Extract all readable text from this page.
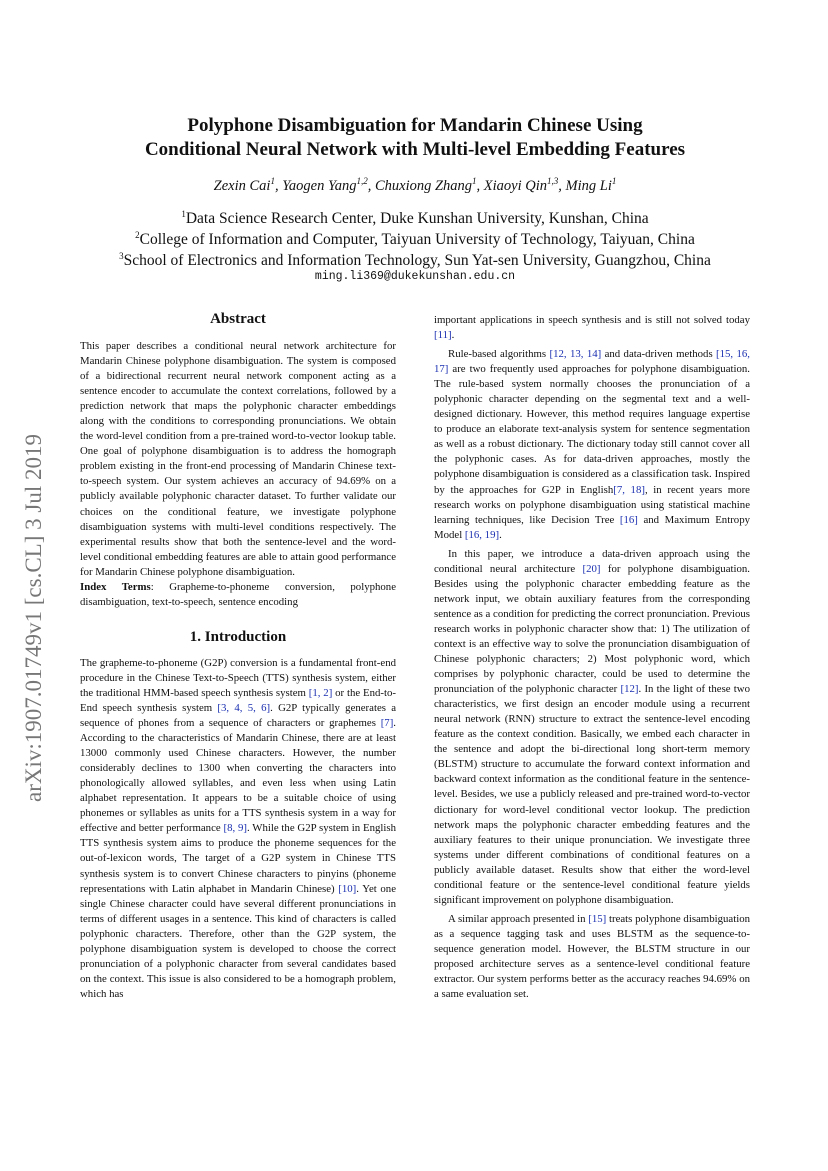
Polyphone Disambiguation for Mandarin Chinese Using
Conditional Neural Network with Multi-level Embedding Features
Zexin Cai$^1$, Yaogen Yang$^{1,2}$, Chuxiong Zhang$^1$, Xiaoyi Qin$^{1,3}$, Ming Li$^1$
$^1$Data Science Research Center, Duke Kunshan University, Kunshan, China
$^2$College of Information and Computer, Taiyuan University of Technology, Taiyuan, China
$^3$School of Electronics and Information Technology, Sun Yat-sen University, Guangzhou, China
ming.li369@dukekunshan.edu.cn
arXiv:1907.01749v1 [cs.CL] 3 Jul 2019
Abstract

This paper describes a conditional neural network architecture for Mandarin Chinese polyphone disambiguation. The system is composed of a bidirectional recurrent neural network component acting as a sentence encoder to accumulate the context correlations, followed by a prediction network that maps the polyphonic character embeddings along with the conditions to corresponding pronunciations. We obtain the word-level condition from a pre-trained word-to-vector lookup table. One goal of polyphone disambiguation is to address the homograph problem existing in the front-end processing of Mandarin Chinese text-to-speech system. Our system achieves an accuracy of 94.69% on a publicly available polyphonic character dataset. To further validate our choices on the conditional feature, we investigate polyphone disambiguation systems with multi-level conditions respectively. The experimental results show that both the sentence-level and the word-level conditional embedding features are able to attain good performance for Mandarin Chinese polyphone disambiguation.

Index Terms: Grapheme-to-phoneme conversion, polyphone disambiguation, text-to-speech, sentence encoding

1. Introduction

The grapheme-to-phoneme (G2P) conversion is a fundamental front-end procedure in the Chinese Text-to-Speech (TTS) synthesis system, either the traditional HMM-based speech synthesis system [1, 2] or the End-to-End speech synthesis system [3, 4, 5, 6]. G2P typically generates a sequence of phones from a sequence of characters or graphemes [7]. According to the characteristics of Mandarin Chinese, there are at least 13000 commonly used Chinese characters. However, the number considerably declines to 1300 when converting the characters into phonologically allowed syllables, and even less when using Latin alphabet representation. It appears to be a suitable choice of using phonemes or syllables as units for a TTS synthesis system in a way for effective and better performance [8, 9]. While the G2P system in English TTS synthesis system aims to produce the phoneme sequences for the out-of-lexicon words, The target of a G2P system in Chinese TTS synthesis system is to convert Chinese characters to pinyins (phoneme representations with Latin alphabet in Mandarin Chinese) [10]. Yet one single Chinese character could have several different pronunciations in terms of different usages in a sentence. This kind of characters is called polyphonic characters. Therefore, other than the G2P system, the polyphone disambiguation system is developed to choose the correct pronunciation of a polyphonic character from several candidates based on the context. This issue is also considered to be a homograph problem, which has

important applications in speech synthesis and is still not solved today [11].

Rule-based algorithms [12, 13, 14] and data-driven methods [15, 16, 17] are two frequently used approaches for polyphone disambiguation. The rule-based system normally chooses the pronunciation of a polyphonic character depending on the segmental text and a well-designed dictionary. However, this method requires language expertise to produce an elaborate text-analysis system for sentence segmentation as well as a robust dictionary. The dictionary today still cannot cover all the polyphonic cases. As for data-driven approaches, mostly the polyphone disambiguation is considered as a classification task. Inspired by the approaches for G2P in English[7, 18], in recent years more research works on polyphone disambiguation using statistical machine learning techniques, like Decision Tree [16] and Maximum Entropy Model [16, 19].

In this paper, we introduce a data-driven approach using the conditional neural architecture [20] for polyphone disambiguation. Besides using the polyphonic character embedding feature as the network input, we obtain auxiliary features from the corresponding sentence as a condition for predicting the correct pronunciation. Previous research works in polyphonic character show that: 1) The utilization of context is an effective way to solve the pronunciation disambiguation of Chinese polyphonic characters; 2) Most polyphonic word, which comprises by polyphonic character, could be used to determine the pronunciation of the polyphonic character [12]. In the light of these two characteristics, we first design an encoder module using a recurrent neural network (RNN) structure to extract the sentence-level encoding feature as the context condition. Basically, we embed each character in the sentence and adopt the bi-directional long short-term memory (BLSTM) structure to accumulate the forward context information and backward context information as the conditional feature in the sentence-level. Besides, we use a publicly released and pre-trained word-to-vector dictionary for word-level conditional vector lookup. The prediction network maps the polyphonic character embedding features and the auxiliary features to their unique pronunciation. We investigate three systems under different combinations of conditional features on a publicly available dataset. Results show that either the word-level conditional feature or the sentence-level conditional feature yields significant improvement on polyphone disambiguation.

A similar approach presented in [15] treats polyphone disambiguation as a sequence tagging task and uses BLSTM as the sequence-to-sequence generation model. However, the BLSTM structure in our proposed architecture serves as a sentence-level conditional feature extractor. Our system performs better as the accuracy reaches 94.69% on a same evaluation set.
